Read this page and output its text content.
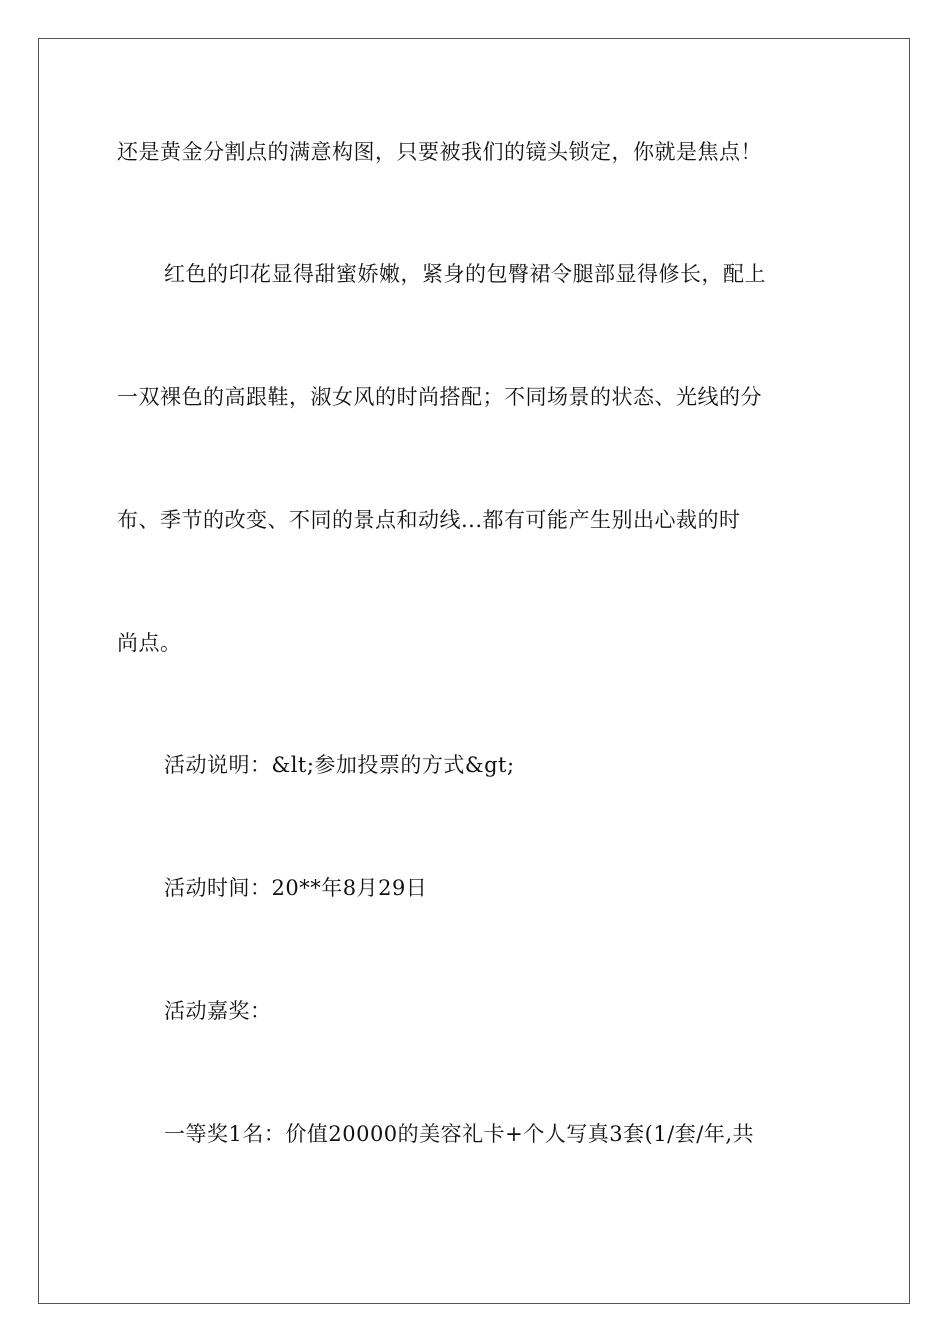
还是黄金分割点的满意构图，只要被我们的镜头锁定，你就是焦点！
红色的印花显得甜蜜娇嫩，紧身的包臀裙令腿部显得修长，配上
一双裸色的高跟鞋，淑女风的时尚搭配；不同场景的状态、光线的分
布、季节的改变、不同的景点和动线...都有可能产生别出心裁的时
尚点。
活动说明：&lt;参加投票的方式&gt;
活动时间：20**年8月29日
活动嘉奖：
一等奖1名：价值20000的美容礼卡+个人写真3套(1/套/年,共
